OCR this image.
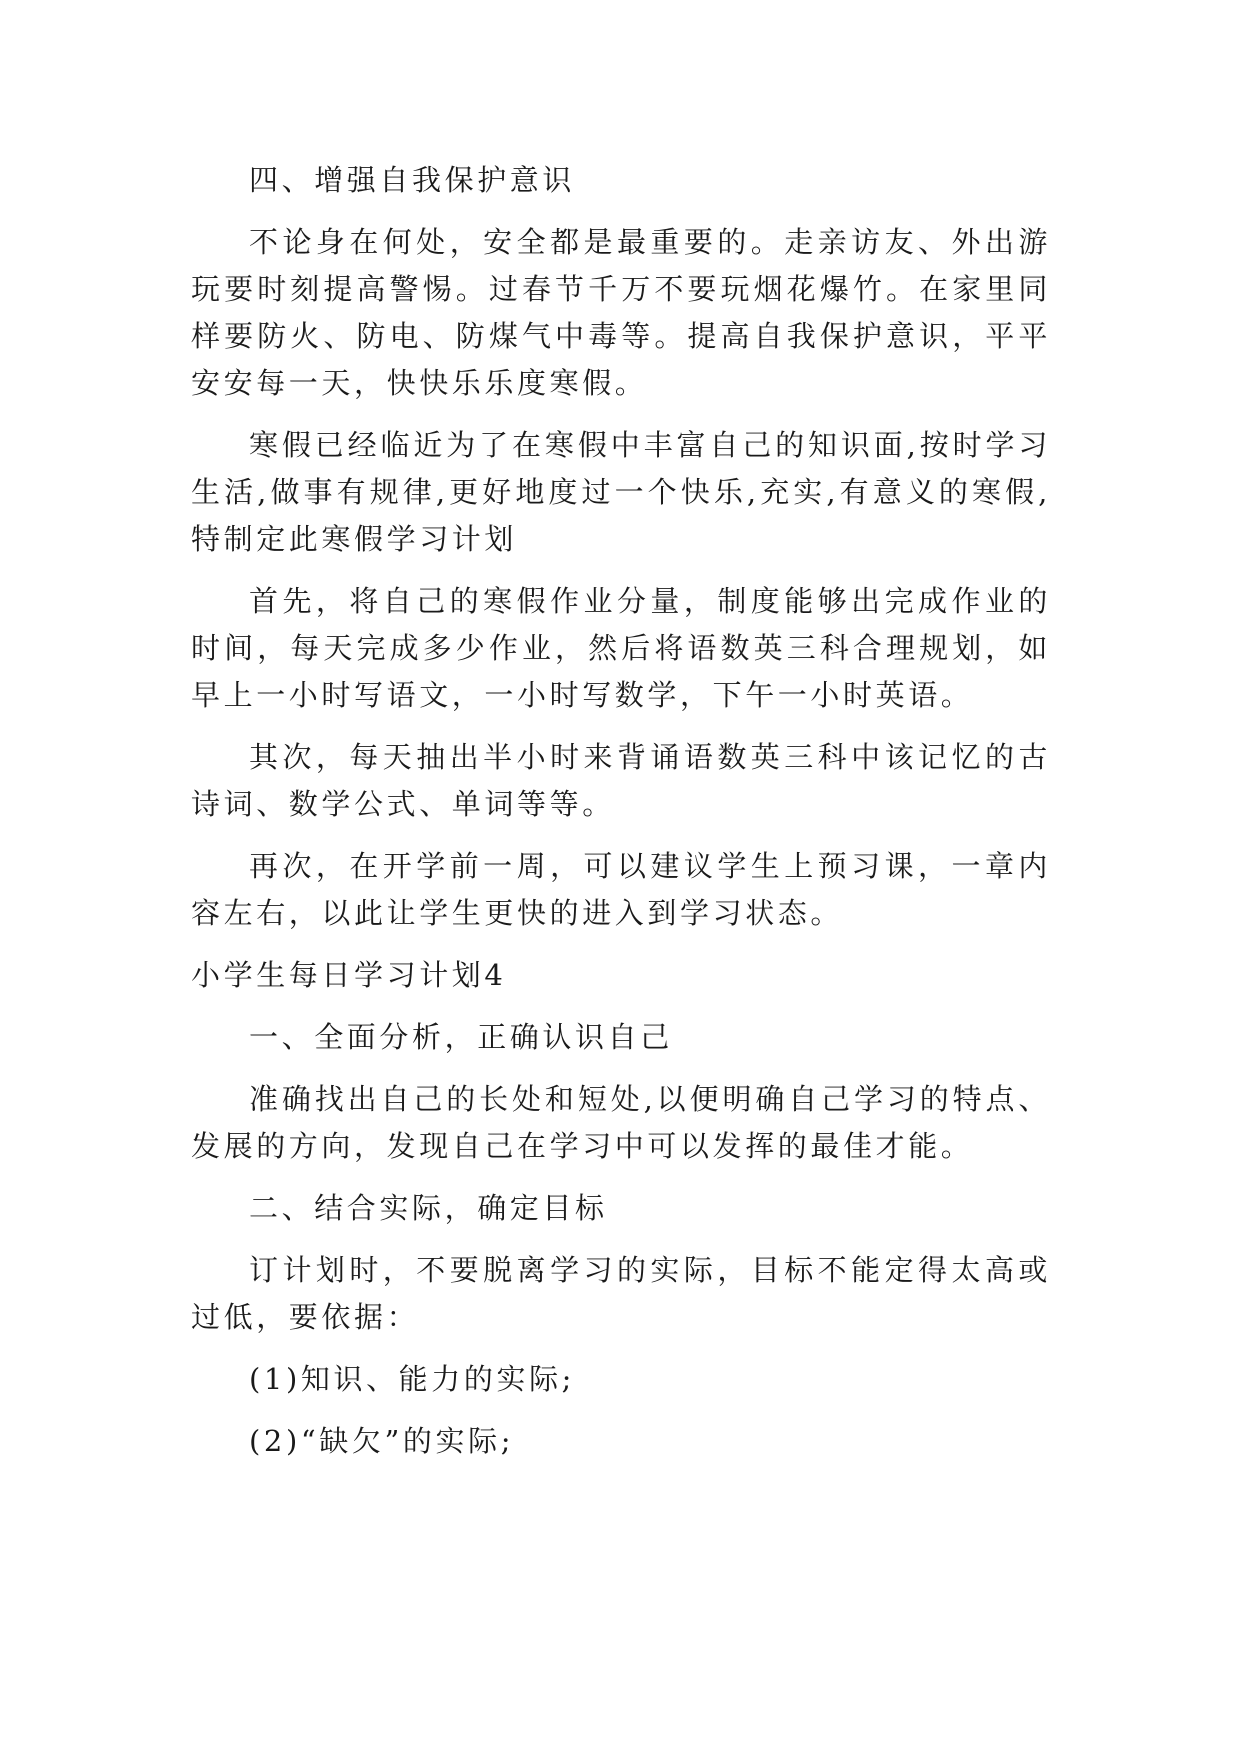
四、增强自我保护意识

不论身在何处，安全都是最重要的。走亲访友、外出游玩要时刻提高警惕。过春节千万不要玩烟花爆竹。在家里同样要防火、防电、防煤气中毒等。提高自我保护意识，平平安安每一天，快快乐乐度寒假。

寒假已经临近为了在寒假中丰富自己的知识面,按时学习生活,做事有规律,更好地度过一个快乐,充实,有意义的寒假,特制定此寒假学习计划

首先，将自己的寒假作业分量，制度能够出完成作业的时间，每天完成多少作业，然后将语数英三科合理规划，如早上一小时写语文，一小时写数学，下午一小时英语。

其次，每天抽出半小时来背诵语数英三科中该记忆的古诗词、数学公式、单词等等。

再次，在开学前一周，可以建议学生上预习课，一章内容左右，以此让学生更快的进入到学习状态。

小学生每日学习计划4

一、全面分析，正确认识自己

准确找出自己的长处和短处,以便明确自己学习的特点、发展的方向，发现自己在学习中可以发挥的最佳才能。

二、结合实际，确定目标

订计划时，不要脱离学习的实际，目标不能定得太高或过低，要依据：

(1)知识、能力的实际;

(2)“缺欠”的实际;
